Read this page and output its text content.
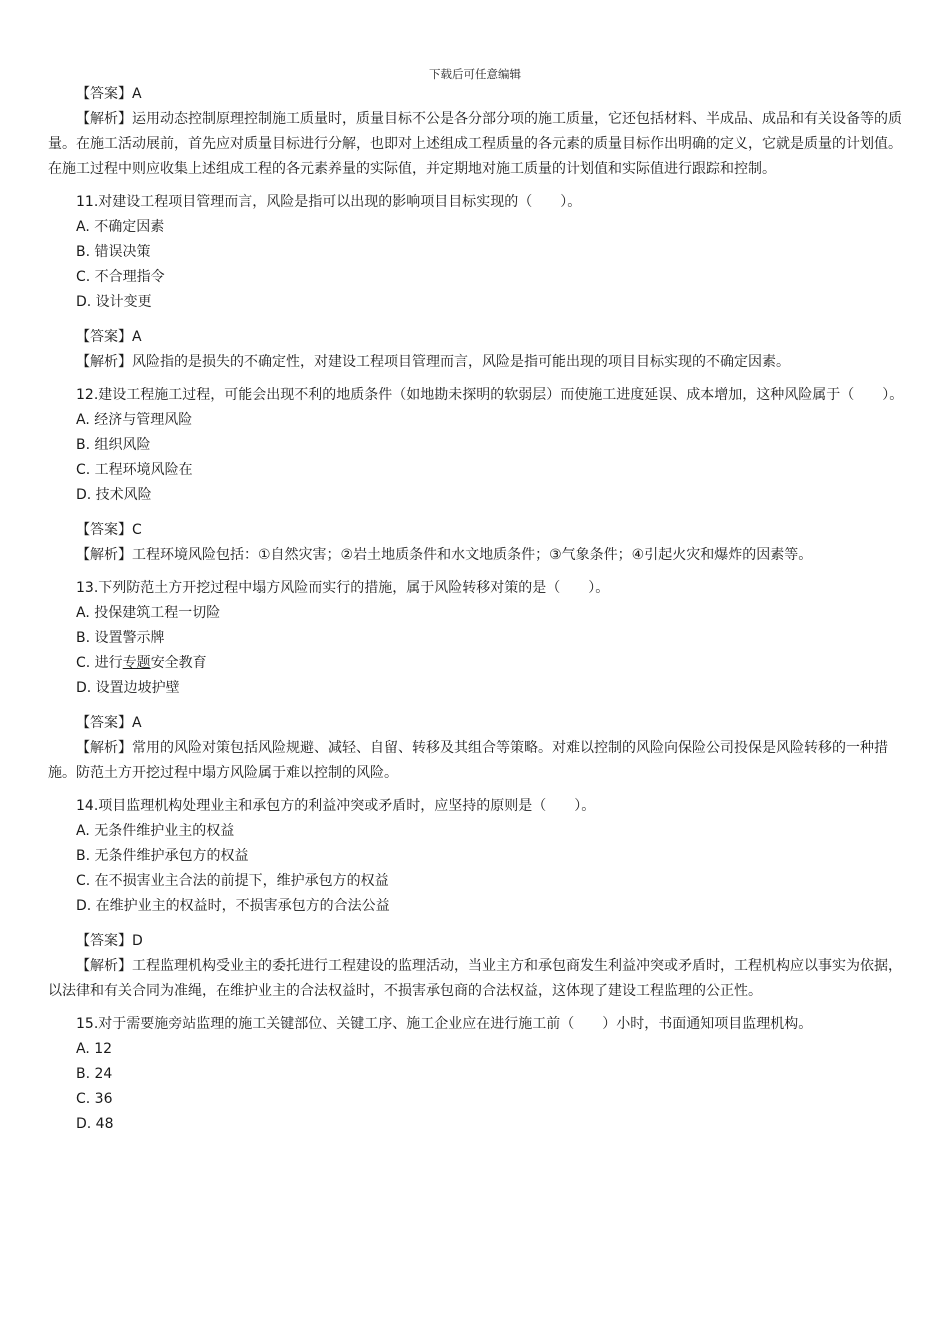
下载后可任意编辑
【答案】A
【解析】运用动态控制原理控制施工质量时，质量目标不公是各分部分项的施工质量，它还包括材料、半成品、成品和有关设备等的质量。在施工活动展前，首先应对质量目标进行分解，也即对上述组成工程质量的各元素的质量目标作出明确的定义，它就是质量的计划值。在施工过程中则应收集上述组成工程的各元素养量的实际值，并定期地对施工质量的计划值和实际值进行跟踪和控制。
11.对建设工程项目管理而言，风险是指可以出现的影响项目目标实现的（　　）。
A. 不确定因素
B. 错误决策
C. 不合理指令
D. 设计变更
【答案】A
【解析】风险指的是损失的不确定性，对建设工程项目管理而言，风险是指可能出现的项目目标实现的不确定因素。
12.建设工程施工过程，可能会出现不利的地质条件（如地勘未探明的软弱层）而使施工进度延误、成本增加，这种风险属于（　　）。
A. 经济与管理风险
B. 组织风险
C. 工程环境风险在
D. 技术风险
【答案】C
【解析】工程环境风险包括：①自然灾害；②岩土地质条件和水文地质条件；③气象条件；④引起火灾和爆炸的因素等。
13.下列防范土方开挖过程中塌方风险而实行的措施，属于风险转移对策的是（　　）。
A. 投保建筑工程一切险
B. 设置警示牌
C. 进行专题安全教育
D. 设置边坡护壁
【答案】A
【解析】常用的风险对策包括风险规避、减轻、自留、转移及其组合等策略。对难以控制的风险向保险公司投保是风险转移的一种措施。防范土方开挖过程中塌方风险属于难以控制的风险。
14.项目监理机构处理业主和承包方的利益冲突或矛盾时，应坚持的原则是（　　）。
A. 无条件维护业主的权益
B. 无条件维护承包方的权益
C. 在不损害业主合法的前提下，维护承包方的权益
D. 在维护业主的权益时，不损害承包方的合法公益
【答案】D
【解析】工程监理机构受业主的委托进行工程建设的监理活动，当业主方和承包商发生利益冲突或矛盾时，工程机构应以事实为依据，以法律和有关合同为准绳，在维护业主的合法权益时，不损害承包商的合法权益，这体现了建设工程监理的公正性。
15.对于需要施旁站监理的施工关键部位、关键工序、施工企业应在进行施工前（　　）小时，书面通知项目监理机构。
A. 12
B. 24
C. 36
D. 48
